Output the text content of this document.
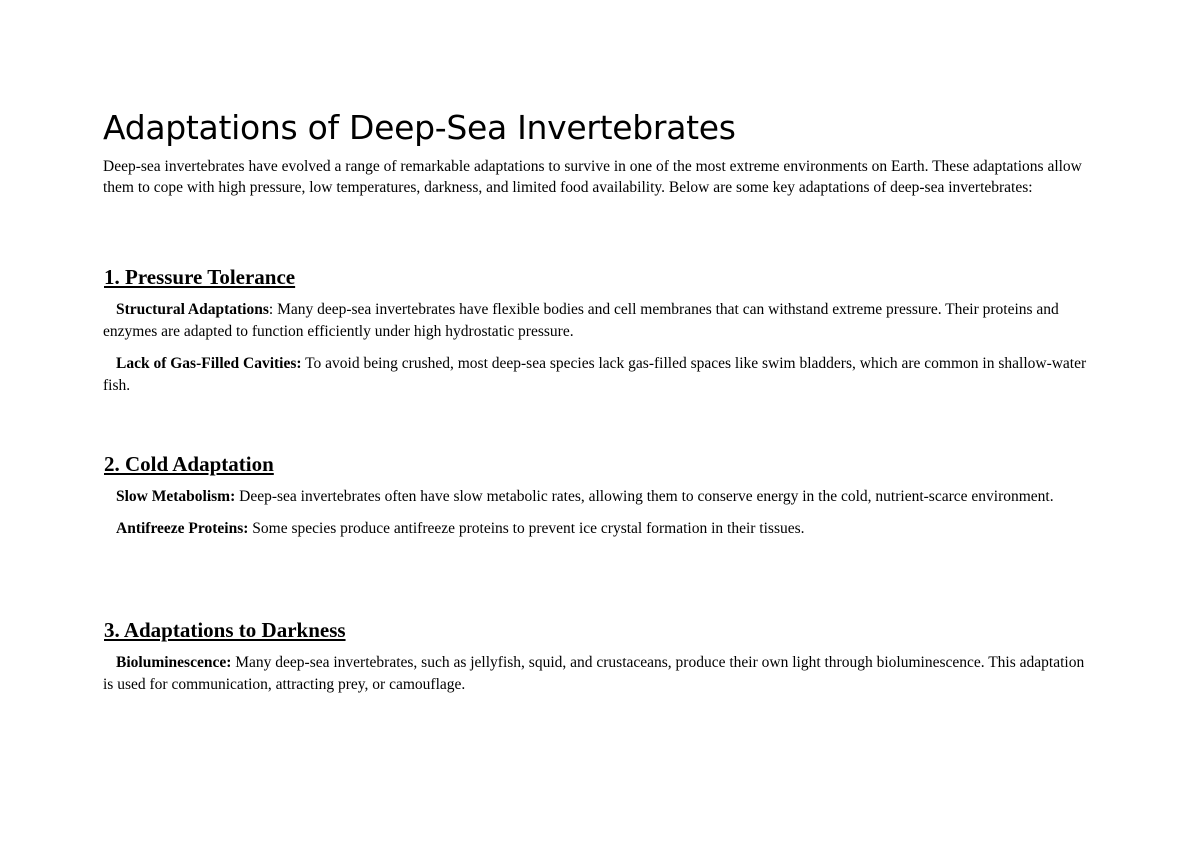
Adaptations of Deep-Sea Invertebrates

Deep-sea invertebrates have evolved a range of remarkable adaptations to survive in one of the most extreme environments on Earth. These adaptations allow them to cope with high pressure, low temperatures, darkness, and limited food availability. Below are some key adaptations of deep-sea invertebrates:

1. Pressure Tolerance

Structural Adaptations: Many deep-sea invertebrates have flexible bodies and cell membranes that can withstand extreme pressure. Their proteins and enzymes are adapted to function efficiently under high hydrostatic pressure.

Lack of Gas-Filled Cavities: To avoid being crushed, most deep-sea species lack gas-filled spaces like swim bladders, which are common in shallow-water fish.

2. Cold Adaptation

Slow Metabolism: Deep-sea invertebrates often have slow metabolic rates, allowing them to conserve energy in the cold, nutrient-scarce environment.

Antifreeze Proteins: Some species produce antifreeze proteins to prevent ice crystal formation in their tissues.

3. Adaptations to Darkness

Bioluminescence: Many deep-sea invertebrates, such as jellyfish, squid, and crustaceans, produce their own light through bioluminescence. This adaptation is used for communication, attracting prey, or camouflage.
